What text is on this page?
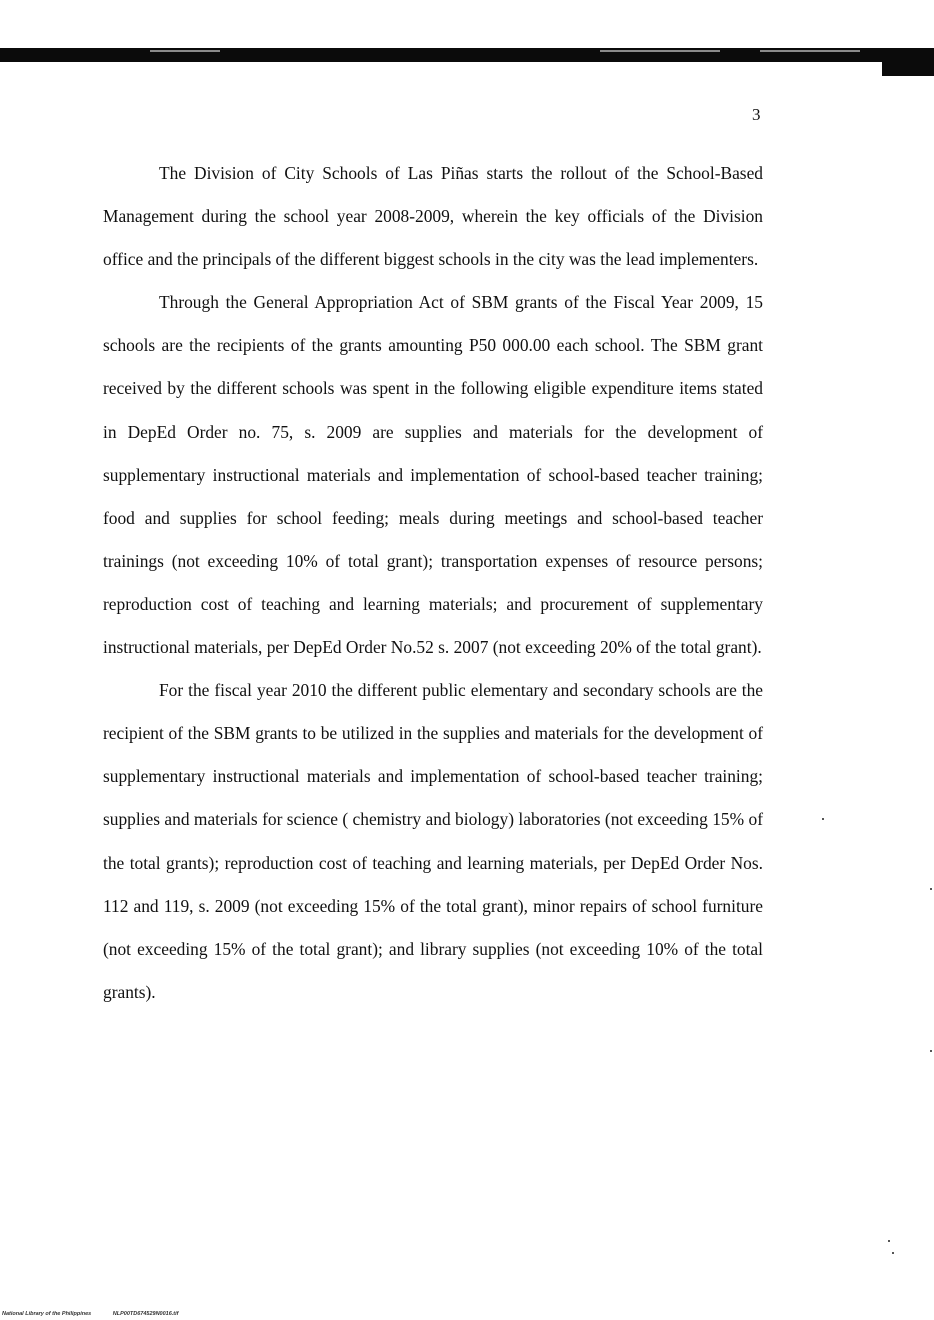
3

The Division of City Schools of Las Piñas starts the rollout of the School-Based Management during the school year 2008-2009, wherein the key officials of the Division office and the principals of the different biggest schools in the city was the lead implementers.

Through the General Appropriation Act of SBM grants of the Fiscal Year 2009, 15 schools are the recipients of the grants amounting P50 000.00 each school. The SBM grant received by the different schools was spent in the following eligible expenditure items stated in DepEd Order no. 75, s. 2009 are supplies and materials for the development of supplementary instructional materials and implementation of school-based teacher training; food and supplies for school feeding; meals during meetings and school-based teacher trainings (not exceeding 10% of total grant); transportation expenses of resource persons; reproduction cost of teaching and learning materials; and procurement of supplementary instructional materials, per DepEd Order No.52 s. 2007 (not exceeding 20% of the total grant).

For the fiscal year 2010 the different public elementary and secondary schools are the recipient of the SBM grants to be utilized in the supplies and materials for the development of supplementary instructional materials and implementation of school-based teacher training; supplies and materials for science ( chemistry and biology) laboratories (not exceeding 15% of the total grants); reproduction cost of teaching and learning materials, per DepEd Order Nos. 112 and 119, s. 2009 (not exceeding 15% of the total grant), minor repairs of school furniture (not exceeding 15% of the total grant); and library supplies (not exceeding 10% of the total grants).

National Library of the Philippines	NLP00TD674529N0016.tif
